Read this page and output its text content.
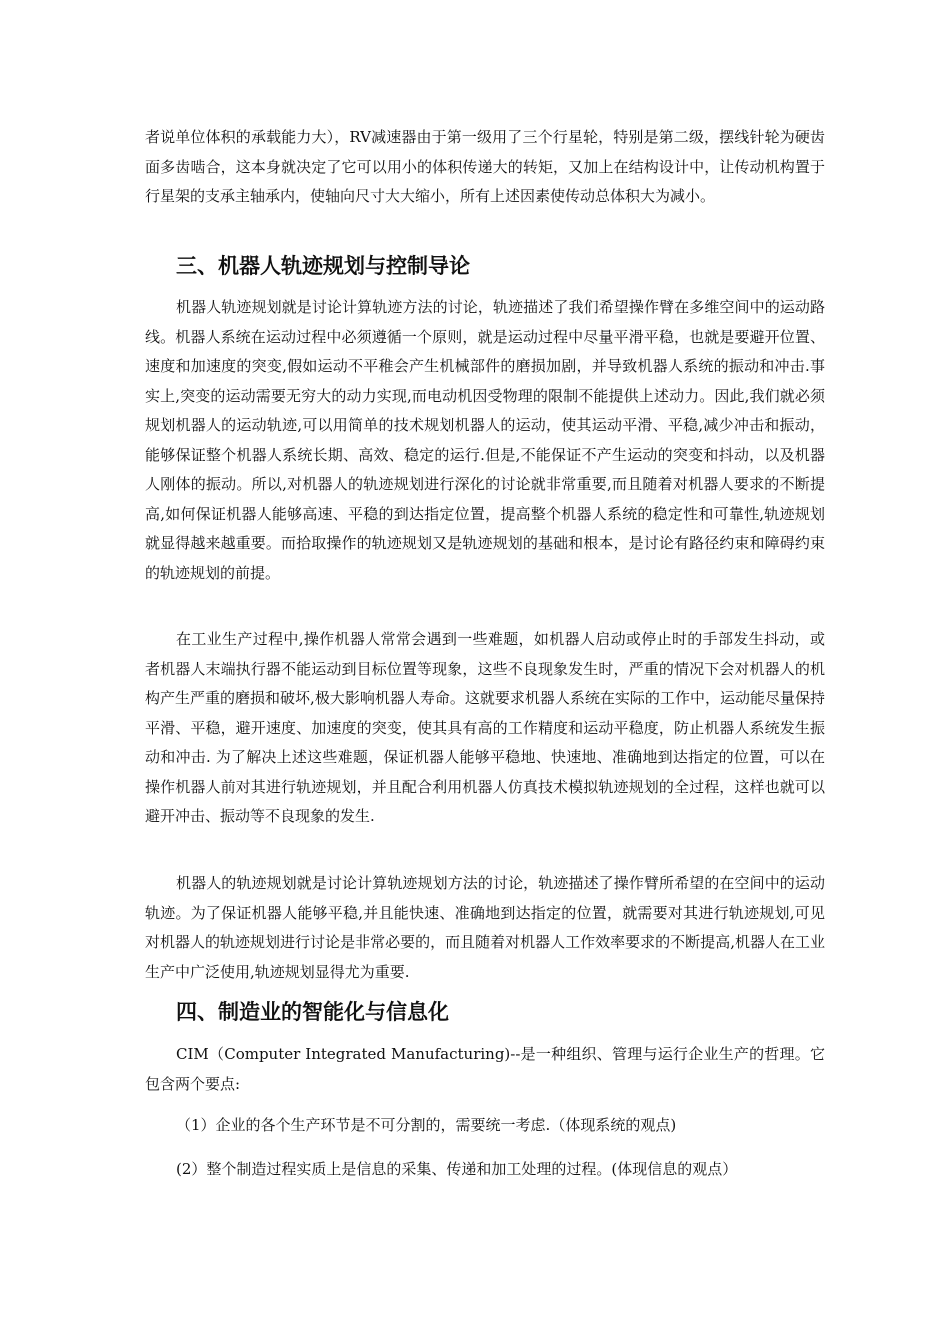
者说单位体积的承载能力大），RV减速器由于第一级用了三个行星轮，特别是第二级，摆线针轮为硬齿面多齿啮合，这本身就决定了它可以用小的体积传递大的转矩，又加上在结构设计中，让传动机构置于行星架的支承主轴承内，使轴向尺寸大大缩小，所有上述因素使传动总体积大为减小。

三、机器人轨迹规划与控制导论

机器人轨迹规划就是讨论计算轨迹方法的讨论，轨迹描述了我们希望操作臂在多维空间中的运动路线。机器人系统在运动过程中必须遵循一个原则，就是运动过程中尽量平滑平稳，也就是要避开位置、速度和加速度的突变,假如运动不平稚会产生机械部件的磨损加剧，并导致机器人系统的振动和冲击.事实上,突变的运动需要无穷大的动力实现,而电动机因受物理的限制不能提供上述动力。因此,我们就必须规划机器人的运动轨迹,可以用简单的技术规划机器人的运动，使其运动平滑、平稳,减少冲击和振动，能够保证整个机器人系统长期、高效、稳定的运行.但是,不能保证不产生运动的突变和抖动，以及机器人刚体的振动。所以,对机器人的轨迹规划进行深化的讨论就非常重要,而且随着对机器人要求的不断提高,如何保证机器人能够高速、平稳的到达指定位置，提高整个机器人系统的稳定性和可靠性,轨迹规划就显得越来越重要。而拾取操作的轨迹规划又是轨迹规划的基础和根本，是讨论有路径约束和障碍约束的轨迹规划的前提。

在工业生产过程中,操作机器人常常会遇到一些难题，如机器人启动或停止时的手部发生抖动，或者机器人末端执行器不能运动到目标位置等现象，这些不良现象发生时，严重的情况下会对机器人的机构产生严重的磨损和破坏,极大影响机器人寿命。这就要求机器人系统在实际的工作中，运动能尽量保持平滑、平稳，避开速度、加速度的突变，使其具有高的工作精度和运动平稳度，防止机器人系统发生振动和冲击. 为了解决上述这些难题，保证机器人能够平稳地、快速地、准确地到达指定的位置，可以在操作机器人前对其进行轨迹规划，并且配合利用机器人仿真技术模拟轨迹规划的全过程，这样也就可以避开冲击、振动等不良现象的发生.

机器人的轨迹规划就是讨论计算轨迹规划方法的讨论，轨迹描述了操作臂所希望的在空间中的运动轨迹。为了保证机器人能够平稳,并且能快速、准确地到达指定的位置，就需要对其进行轨迹规划,可见对机器人的轨迹规划进行讨论是非常必要的，而且随着对机器人工作效率要求的不断提高,机器人在工业生产中广泛使用,轨迹规划显得尤为重要.

四、制造业的智能化与信息化

CIM（Computer Integrated Manufacturing)--是一种组织、管理与运行企业生产的哲理。它包含两个要点:

（1）企业的各个生产环节是不可分割的，需要统一考虑.（体现系统的观点)

(2）整个制造过程实质上是信息的采集、传递和加工处理的过程。(体现信息的观点）
